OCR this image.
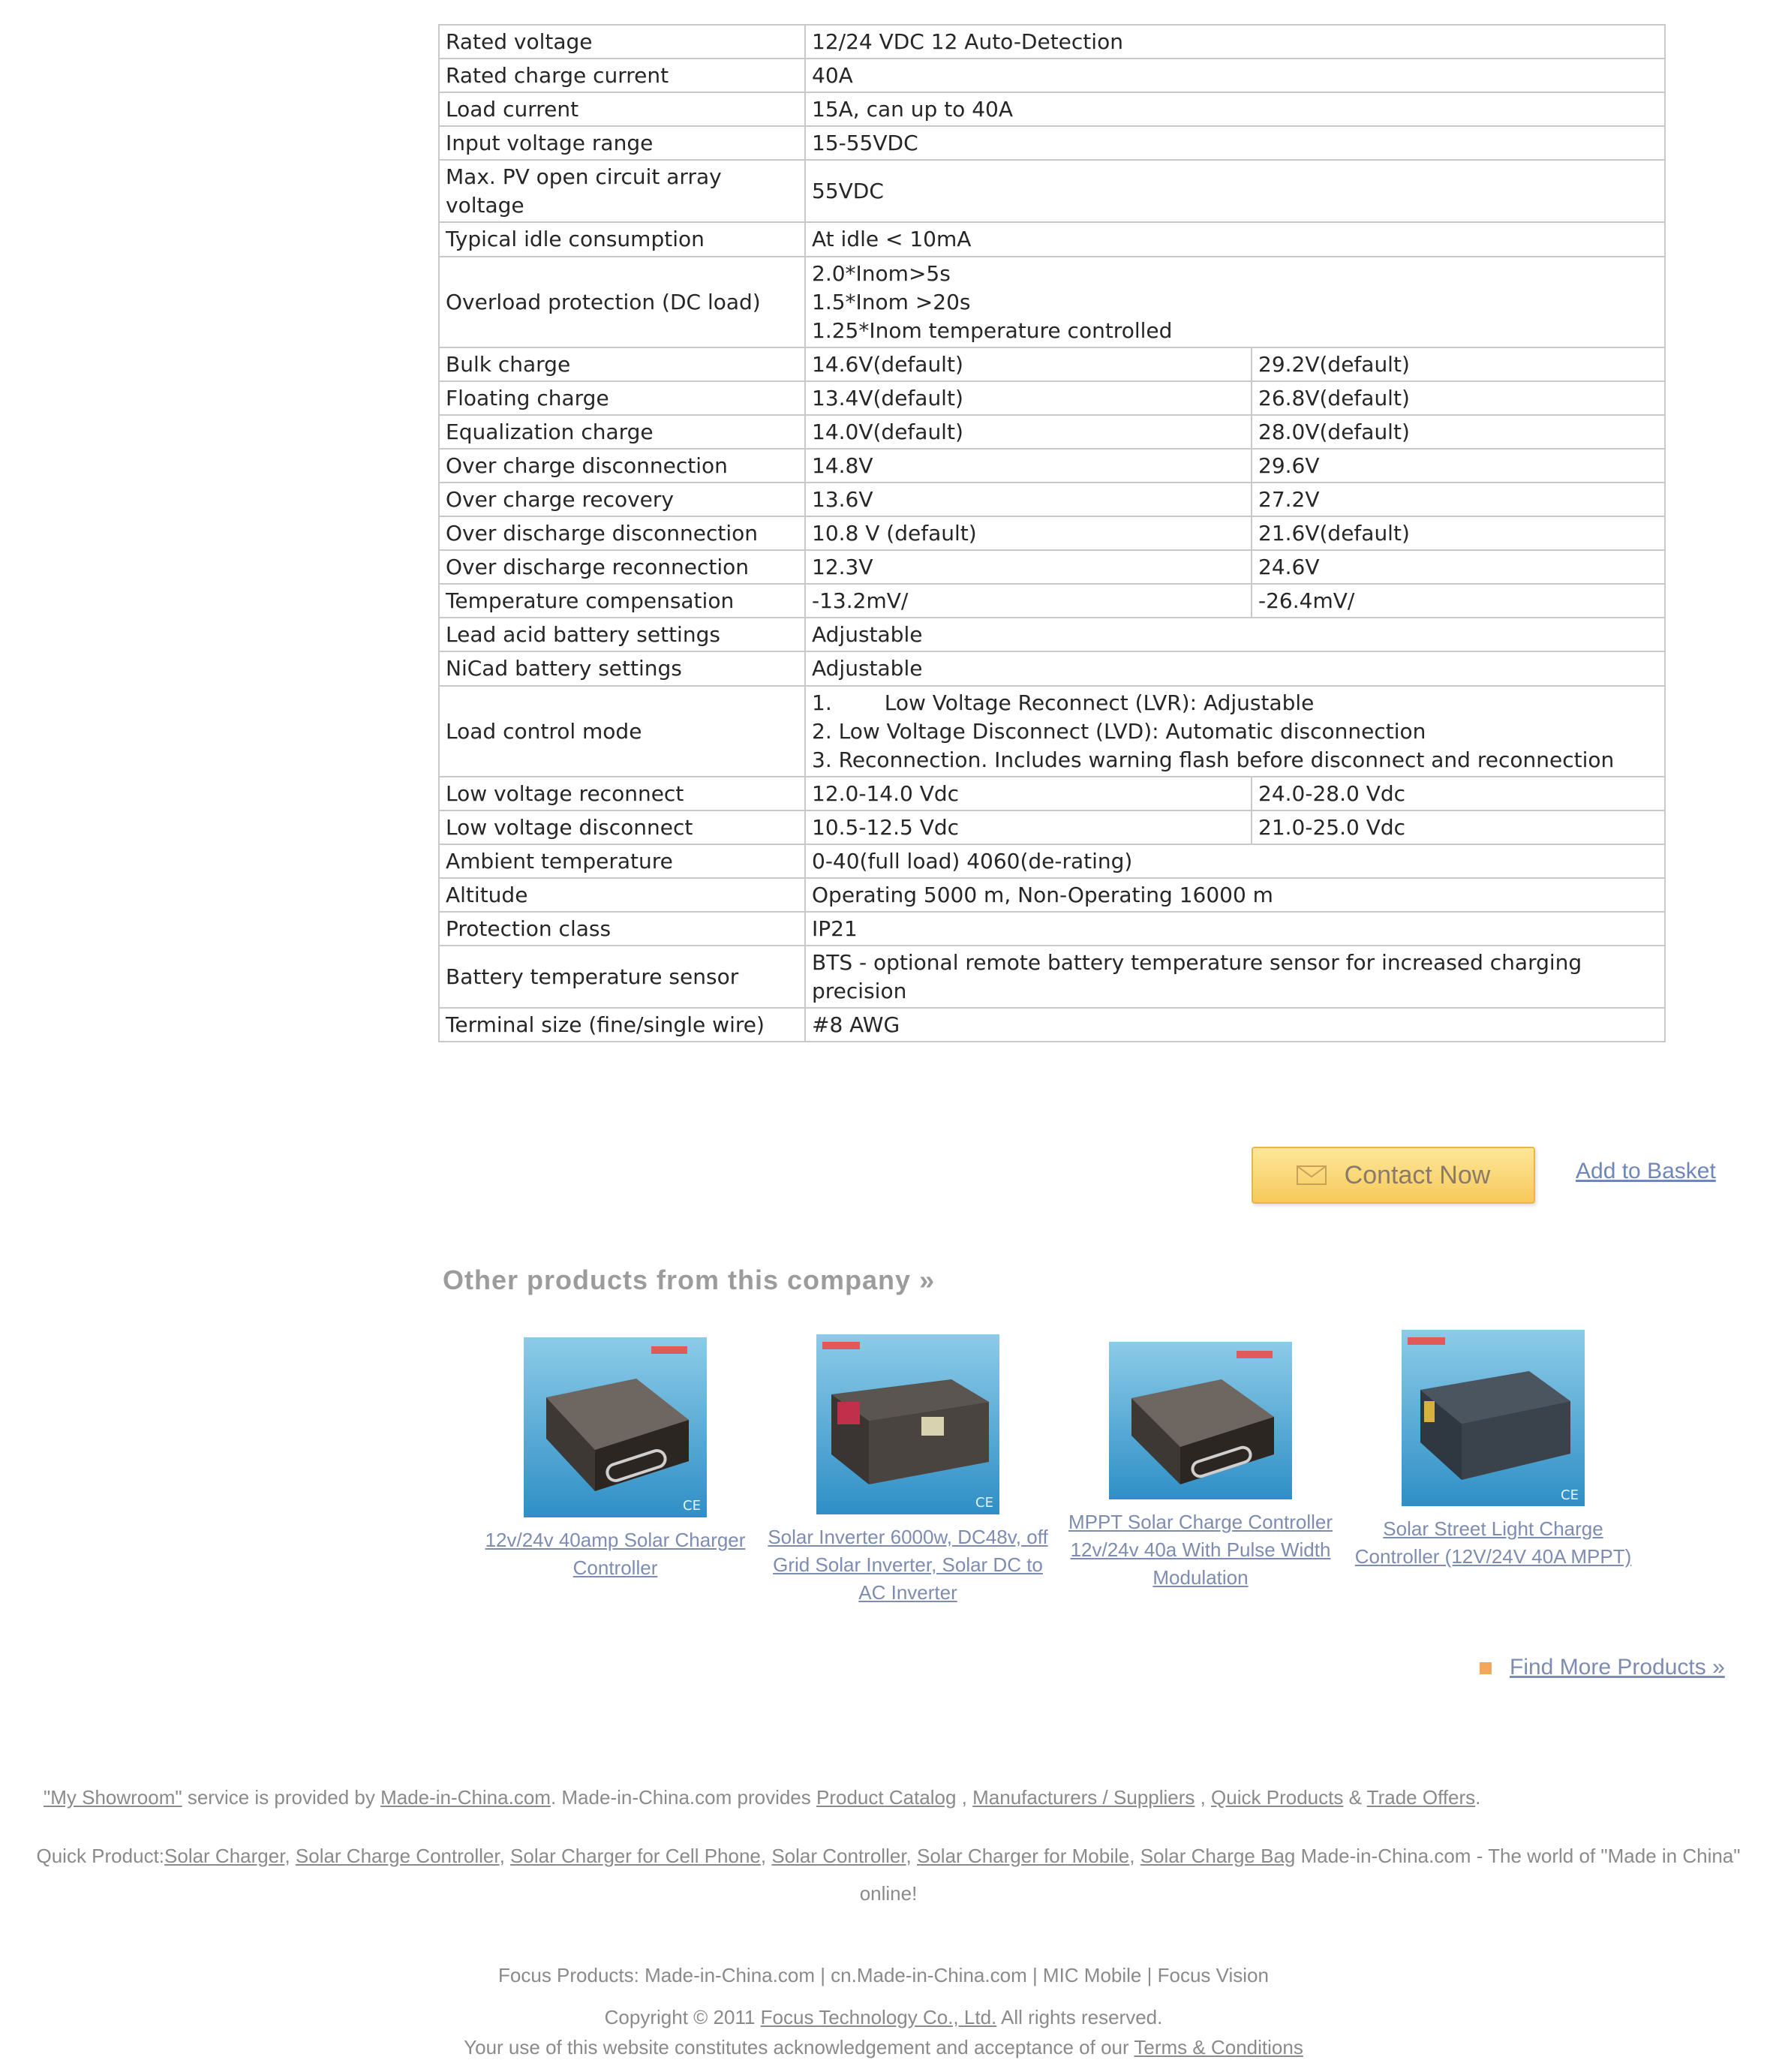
Rated voltage	12/24 VDC 12 Auto-Detection	
Rated charge current	40A	
Load current	15A, can up to 40A	
Input voltage range	15-55VDC	
Max. PV open circuit array voltage	55VDC	
Typical idle consumption	At idle < 10mA	
Overload protection (DC load)	2.0*Inom>5s
1.5*Inom >20s
1.25*Inom temperature controlled	

Bulk charge	14.6V(default)	29.2V(default)
Floating charge	13.4V(default)	26.8V(default)
Equalization charge	14.0V(default)	28.0V(default)
Over charge disconnection	14.8V	29.6V
Over charge recovery	13.6V	27.2V
Over discharge disconnection	10.8 V (default)	21.6V(default)
Over discharge reconnection	12.3V	24.6V
Temperature compensation	-13.2mV/	-26.4mV/
Lead acid battery settings	Adjustable	
NiCad battery settings	Adjustable	
Load control mode	1. Low Voltage Reconnect (LVR): Adjustable
2. Low Voltage Disconnect (LVD): Automatic disconnection
3. Reconnection. Includes warning flash before disconnect and reconnection	

Low voltage reconnect	12.0-14.0 Vdc	24.0-28.0 Vdc
Low voltage disconnect	10.5-12.5 Vdc	21.0-25.0 Vdc
Ambient temperature	0-40(full load) 4060(de-rating)	
Altitude	Operating 5000 m, Non-Operating 16000 m	
Protection class	IP21	
Battery temperature sensor	BTS - optional remote battery temperature sensor for increased charging precision	
Terminal size (fine/single wire)	#8 AWG	
Contact Now	Add to Basket
Other products from this company »
CE
12v/24v 40amp Solar Charger Controller
CE
Solar Inverter 6000w, DC48v, off Grid Solar Inverter, Solar DC to AC Inverter
MPPT Solar Charge Controller 12v/24v 40a With Pulse Width Modulation
CE
Solar Street Light Charge Controller (12V/24V 40A MPPT)
Find More Products »
"My Showroom" service is provided by Made-in-China.com. Made-in-China.com provides Product Catalog , Manufacturers / Suppliers , Quick Products & Trade Offers.
Quick Product:Solar Charger, Solar Charge Controller, Solar Charger for Cell Phone, Solar Controller, Solar Charger for Mobile, Solar Charge Bag Made-in-China.com - The world of "Made in China" online!
Focus Products: Made-in-China.com | cn.Made-in-China.com | MIC Mobile | Focus Vision
Copyright © 2011 Focus Technology Co., Ltd. All rights reserved.
Your use of this website constitutes acknowledgement and acceptance of our Terms & Conditions
